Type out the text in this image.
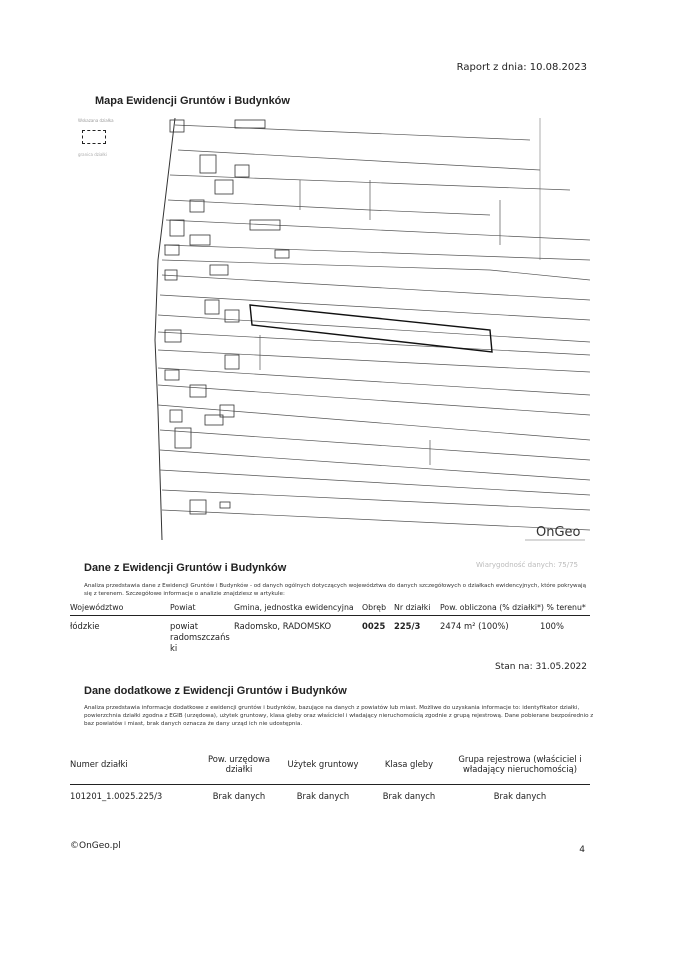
Raport z dnia: 10.08.2023
Mapa Ewidencji Gruntów i Budynków
Wskazana działka
granica działki
OnGeo
Wiarygodność danych: 75/75
Dane z Ewidencji Gruntów i Budynków
Analiza przedstawia dane z Ewidencji Gruntów i Budynków - od danych ogólnych dotyczących województwa do danych szczegółowych o działkach ewidencyjnych, które pokrywają się z terenem. Szczegółowe informacje o analizie znajdziesz w artykule:
Województwo	Powiat	Gmina, jednostka ewidencyjna	Obręb	Nr działki	Pow. obliczona (% działki*) % terenu*	
łódzkie	powiat radomszczańs ki	Radomsko, RADOMSKO	0025	225/3	2474 m² (100%)	100%
Stan na: 31.05.2022
Dane dodatkowe z Ewidencji Gruntów i Budynków
Analiza przedstawia informacje dodatkowe z ewidencji gruntów i budynków, bazujące na danych z powiatów lub miast. Możliwe do uzyskania informacje to: identyfikator działki, powierzchnia działki zgodna z EGIB (urzędowa), użytek gruntowy, klasa gleby oraz właściciel i władający nieruchomością zgodnie z grupą rejestrową. Dane pobierane bezpośrednio z baz powiatów i miast, brak danych oznacza że dany urząd ich nie udostępnia.
Numer działki	Pow. urzędowa działki	Użytek gruntowy	Klasa gleby	Grupa rejestrowa (właściciel i władający nieruchomością)
101201_1.0025.225/3	Brak danych	Brak danych	Brak danych	Brak danych
©OnGeo.pl	4
